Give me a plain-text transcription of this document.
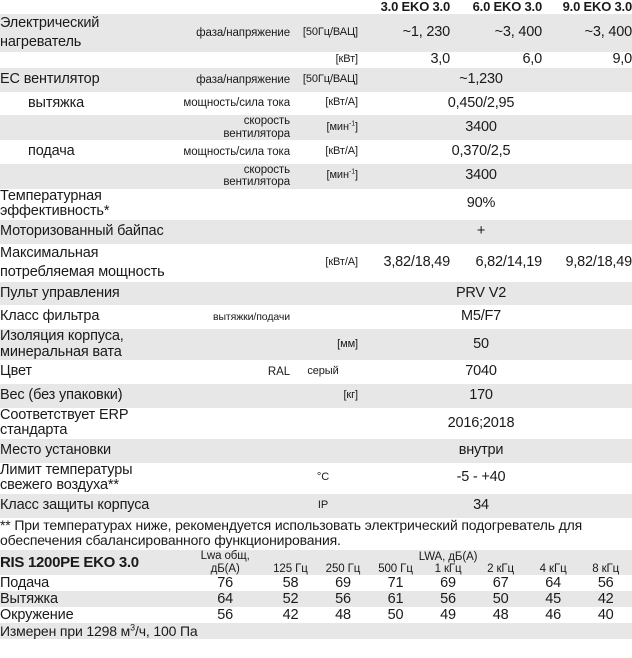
			3.0 EKO 3.0	6.0 EKO 3.0	9.0 EKO 3.0
Электрический нагреватель	фаза/напряжение	[50Гц/ВАЦ]	~1, 230	~3, 400	~3, 400
		[кВт]	3,0	6,0	9,0
ЕС вентилятор	фаза/напряжение	[50Гц/ВАЦ]	~1,230		
вытяжка	мощность/сила тока	[кВт/А]	0,450/2,95		
	скорость вентилятора	[мин$^{-1}$]	3400		
подача	мощность/сила тока	[кВт/А]	0,370/2,5		
	скорость вентилятора	[мин$^{-1}$]	3400		
Температурная эффективность*			90%		
Моторизованный байпас			+		
Максимальная потребляемая мощность		[кВт/А]	3,82/18,49	6,82/14,19	9,82/18,49
Пульт управления			PRV V2		
Класс фильтра	вытяжки/подачи		M5/F7		
Изоляция корпуса, минеральная вата		[мм]	50		
Цвет	RAL	серый	7040		
Вес (без упаковки)		[кг]	170		
Соответствует ERP стандарта			2016;2018		
Место установки			внутри		
Лимит температуры свежего воздуха**		°C	-5 - +40		
Класс защиты корпуса		IP	34		
** При температурах ниже, рекомендуется использовать электрический подогреватель для					
обеспечения сбалансированного функционирования.					
RIS 1200PE EKO 3.0	Lwa общ,	LWA, дБ(A)						
	дБ(A)	125 Гц	250 Гц	500 Гц	1 кГц	2 кГц	4 кГц	8 кГц
Подача	76	58	69	71	69	67	64	56
Вытяжка	64	52	56	61	56	50	45	42
Окружение	56	42	48	50	49	48	46	40
Измерен при 1298 $м^3/ч$, 100 Па								
